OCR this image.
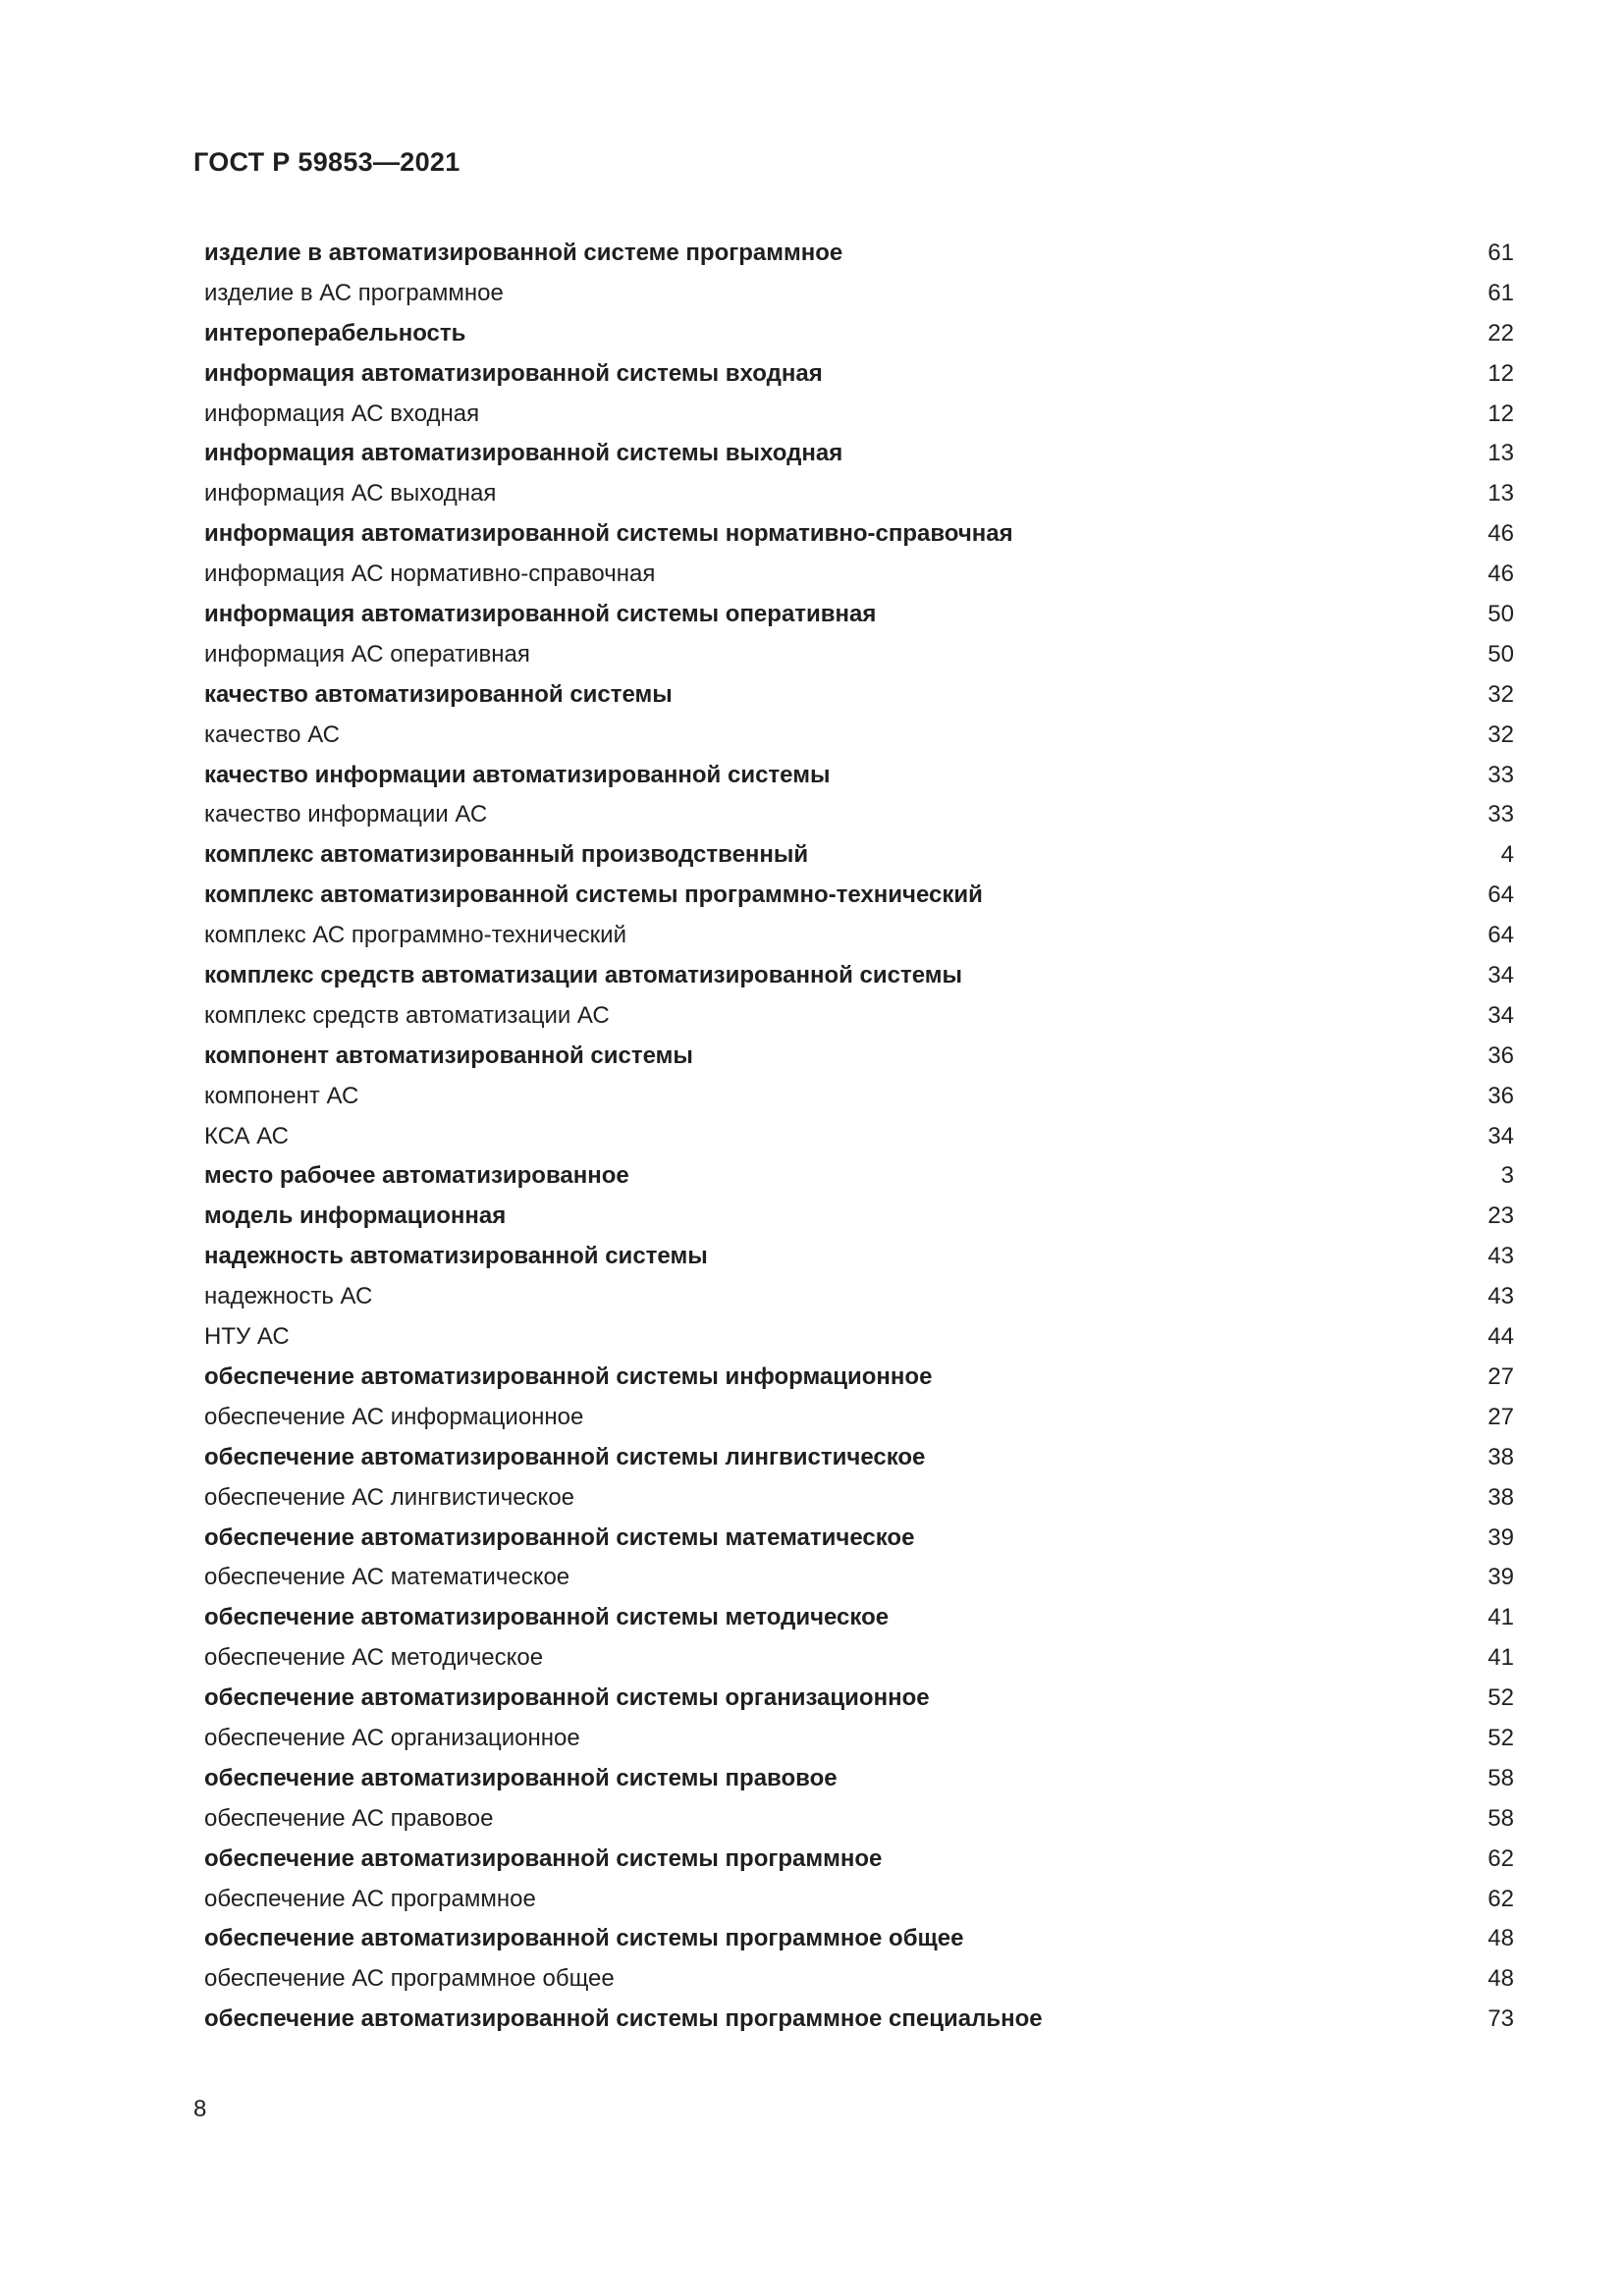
ГОСТ Р 59853—2021
изделие в автоматизированной системе программное	61
изделие в АС программное	61
интероперабельность	22
информация автоматизированной системы входная	12
информация АС входная	12
информация автоматизированной системы выходная	13
информация АС выходная	13
информация автоматизированной системы нормативно-справочная	46
информация АС нормативно-справочная	46
информация автоматизированной системы оперативная	50
информация АС оперативная	50
качество автоматизированной системы	32
качество АС	32
качество информации автоматизированной системы	33
качество информации АС	33
комплекс автоматизированный производственный	4
комплекс автоматизированной системы программно-технический	64
комплекс АС программно-технический	64
комплекс средств автоматизации автоматизированной системы	34
комплекс средств автоматизации АС	34
компонент автоматизированной системы	36
компонент АС	36
КСА АС	34
место рабочее автоматизированное	3
модель информационная	23
надежность автоматизированной системы	43
надежность АС	43
НТУ АС	44
обеспечение автоматизированной системы информационное	27
обеспечение АС информационное	27
обеспечение автоматизированной системы лингвистическое	38
обеспечение АС лингвистическое	38
обеспечение автоматизированной системы математическое	39
обеспечение АС математическое	39
обеспечение автоматизированной системы методическое	41
обеспечение АС методическое	41
обеспечение автоматизированной системы организационное	52
обеспечение АС организационное	52
обеспечение автоматизированной системы правовое	58
обеспечение АС правовое	58
обеспечение автоматизированной системы программное	62
обеспечение АС программное	62
обеспечение автоматизированной системы программное общее	48
обеспечение АС программное общее	48
обеспечение автоматизированной системы программное специальное	73

8
